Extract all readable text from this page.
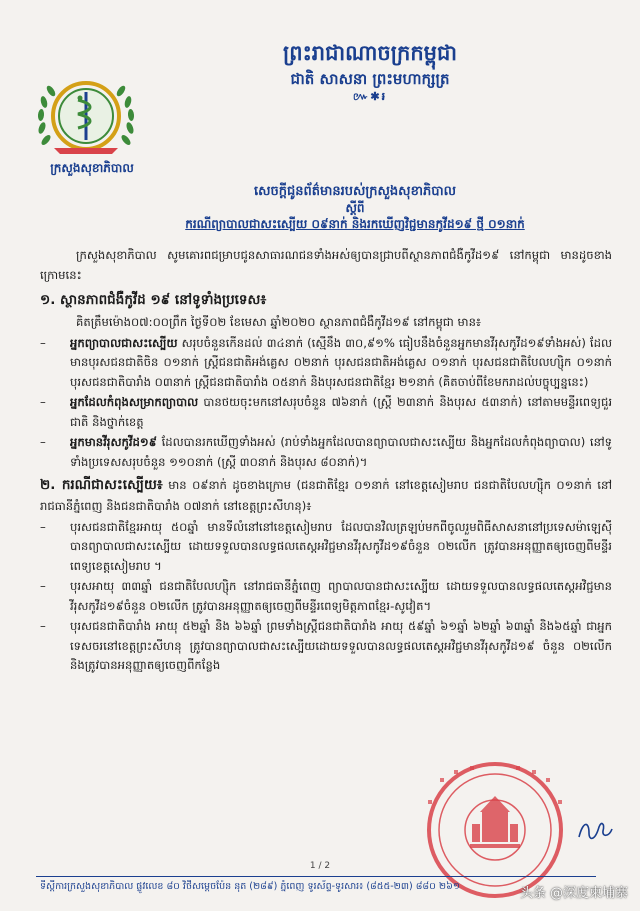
ព្រះរាជាណាចក្រកម្ពុជា
ជាតិ សាសនា ព្រះមហាក្សត្រ
៚✱៛
ក្រសួងសុខាភិបាល
សេចក្តីជូនព័ត៌មានរបស់ក្រសួងសុខាភិបាល
ស្តីពី
ករណីព្យាបាលជាសះស្បើយ ០៩នាក់ និងរកឃើញវិជ្ជមានកូវីដ១៩ ថ្មី ០១នាក់

ក្រសួងសុខាភិបាល សូមគោរពជម្រាបជូនសាធារណជនទាំងអស់ឲ្យបានជ្រាបពីស្ថានភាពជំងឺកូវីដ១៩ នៅកម្ពុជា មានដូចខាងក្រោមនេះ

១. ស្ថានភាពជំងឺកូវីដ ១៩ នៅទូទាំងប្រទេស៖

គិតត្រឹមម៉ោង០៧:០០ព្រឹក ថ្ងៃទី០២ ខែមេសា ឆ្នាំ២០២០ ស្ថានភាពជំងឺកូវីដ១៩ នៅកម្ពុជា មាន៖

– អ្នកព្យាបាលជាសះស្បើយ សរុបចំនួនកើនដល់ ៣៤នាក់ (ស្មើនឹង ៣០,៩១% ធៀបនឹងចំនួនអ្នកមានវីរុសកូវីដ១៩ទាំងអស់) ដែលមានបុរសជនជាតិចិន ០១នាក់ ស្ត្រីជនជាតិអង់គ្លេស ០២នាក់ បុរសជនជាតិអង់គ្លេស ០១នាក់ បុរសជនជាតិបែលហ្ស៊ិក ០១នាក់ បុរសជនជាតិបារាំង ០៣នាក់ ស្ត្រីជនជាតិបារាំង ០៥នាក់ និងបុរសជនជាតិខ្មែរ ២១នាក់ (គិតចាប់ពីខែមករាដល់បច្ចុប្បន្ននេះ)

– អ្នកដែលកំពុងសម្រាកព្យាបាល បានថយចុះមកនៅសរុបចំនួន ៧៦នាក់ (ស្ត្រី ២៣នាក់ និងបុរស ៥៣នាក់) នៅតាមមន្ទីរពេទ្យជួរជាតិ និងថ្នាក់ខេត្ត

– អ្នកមានវីរុសកូវីដ១៩ ដែលបានរកឃើញទាំងអស់ (រាប់ទាំងអ្នកដែលបានព្យាបាលជាសះស្បើយ និងអ្នកដែលកំពុងព្យាបាល) នៅទូទាំងប្រទេសសរុបចំនួន ១១០នាក់ (ស្ត្រី ៣០នាក់ និងបុរស ៨០នាក់)។

២. ករណីជាសះស្បើយ៖ មាន ០៩នាក់ ដូចខាងក្រោម (ជនជាតិខ្មែរ ០១នាក់ នៅខេត្តសៀមរាប ជនជាតិបែលហ្ស៊ិក ០១នាក់ នៅរាជធានីភ្នំពេញ និងជនជាតិបារាំង ០៧នាក់ នៅខេត្តព្រះសីហនុ)៖

– បុរសជនជាតិខ្មែរអាយុ ៥០ឆ្នាំ មានទីលំនៅនៅខេត្តសៀមរាប ដែលបានវិលត្រឡប់មកពីចូលរួមពិធីសាសនានៅប្រទេសម៉ាឡេស៊ី បានព្យាបាលជាសះស្បើយ ដោយទទួលបានលទ្ធផលតេស្តអវិជ្ជមានវីរុសកូវីដ១៩ចំនួន ០២លើក ត្រូវបានអនុញ្ញាតឲ្យចេញពីមន្ទីរពេទ្យខេត្តសៀមរាប ។

– បុរសអាយុ ៣៣ឆ្នាំ ជនជាតិបែលហ្ស៊ិក នៅរាជធានីភ្នំពេញ ព្យាបាលបានជាសះស្បើយ ដោយទទួលបានលទ្ធផលតេស្តអវិជ្ជមានវីរុសកូវីដ១៩ចំនួន ០២លើក ត្រូវបានអនុញ្ញាតឲ្យចេញពីមន្ទីរពេទ្យមិត្តភាពខ្មែរ-សូវៀត។

– បុរសជនជាតិបារាំង អាយុ ៥២ឆ្នាំ និង ៦៦ឆ្នាំ ព្រមទាំងស្ត្រីជនជាតិបារាំង អាយុ ៥៩ឆ្នាំ ៦១ឆ្នាំ ៦២ឆ្នាំ ៦៣ឆ្នាំ និង៦៥ឆ្នាំ ជាអ្នកទេសចរនៅខេត្តព្រះសីហនុ ត្រូវបានព្យាបាលជាសះស្បើយដោយទទួលបានលទ្ធផលតេស្តអវិជ្ជមានវីរុសកូវីដ១៩ ចំនួន ០២លើក និងត្រូវបានអនុញ្ញាតឲ្យចេញពីកន្លែង

1 / 2
ទីស្តីការក្រសួងសុខាភិបាល ផ្លូវលេខ ៨០ វិថីសម្តេចប៉ែន នុត (២៨៩) ភ្នំពេញ ទូរស័ព្ទ-ទូរសារ៖ (៨៥៥-២៣) ៨៨០ ២៦១	头条 @深度柬埔寨
